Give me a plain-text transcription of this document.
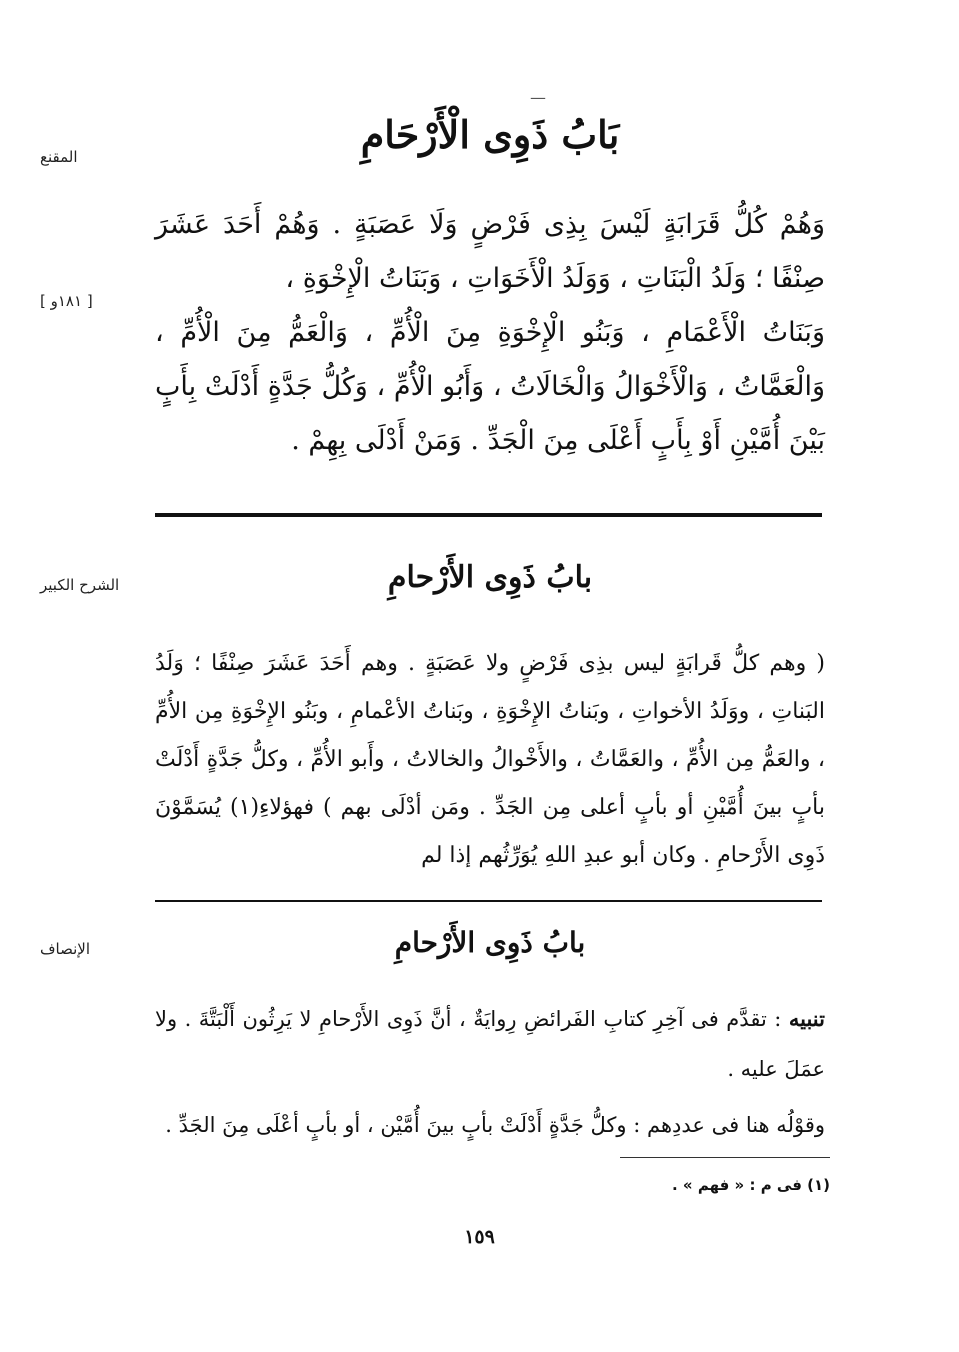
—
المقنع	بَابُ ذَوِى الْأَرْحَامِ
[ ١٨١و ]

وَهُمْ كُلُّ قَرَابَةٍ لَيْسَ بِذِى فَرْضٍ وَلَا عَصَبَةٍ . وَهُمْ أَحَدَ عَشَرَ صِنْفًا ؛ وَلَدُ الْبَنَاتِ ، وَوَلَدُ الْأَخَوَاتِ ، وَبَنَاتُ الْإِخْوَةِ ،

وَبَنَاتُ الْأَعْمَامِ ، وَبَنُو الْإِخْوَةِ مِنَ الْأُمِّ ، وَالْعَمُّ مِنَ الْأُمِّ ، وَالْعَمَّاتُ ، وَالْأَخْوَالُ وَالْخَالَاتُ ، وَأَبُو الْأُمِّ ، وَكُلُّ جَدَّةٍ أَدْلَتْ بِأَبٍ بَيْنَ أُمَّيْنِ أَوْ بِأَبٍ أَعْلَى مِنَ الْجَدِّ . وَمَنْ أَدْلَى بِهِمْ .

الشرح الكبير	بابُ ذَوِى الأَرْحامِ

( وهم كلُّ قَرابَةٍ ليس بذِى فَرْضٍ ولا عَصَبَةٍ . وهم أَحَدَ عَشَرَ صِنْفًا ؛ وَلَدُ البَناتِ ، ووَلَدُ الأخواتِ ، وبَناتُ الإِخْوَةِ ، وبَناتُ الأعْمامِ ، وبَنُو الإِخْوَةِ مِن الأُمِّ ، والعَمُّ مِن الأُمِّ ، والعَمَّاتُ ، والأَخْوالُ والخالاتُ ، وأَبو الأُمِّ ، وكلُّ جَدَّةٍ أَدْلَتْ بأبٍ بينَ أُمَّيْنِ أو بأبٍ أعلى مِن الجَدِّ . ومَن أدْلَى بهم ) فهؤلاءِ(١) يُسَمَّوْنَ ذَوِى الأَرْحامِ . وكان أبو عبدِ اللهِ يُوَرِّثُهم إذا لم

الإنصاف	بابُ ذَوِى الأَرْحامِ

تنبيه : تقدَّم فى آخِرِ كتابِ الفَرائضِ رِوايَةٌ ، أنَّ ذَوِى الأَرْحامِ لا يَرِثُون أَلْبَتَّةَ . ولا عمَلَ عليه .

وقوْلُه هنا فى عددِهم : وكلُّ جَدَّةٍ أَدْلَتْ بأبٍ بينَ أُمَّيْن ، أو بأبٍ أعْلَى مِنَ الجَدِّ .

(١) فى م : « فهم » .
١٥٩
